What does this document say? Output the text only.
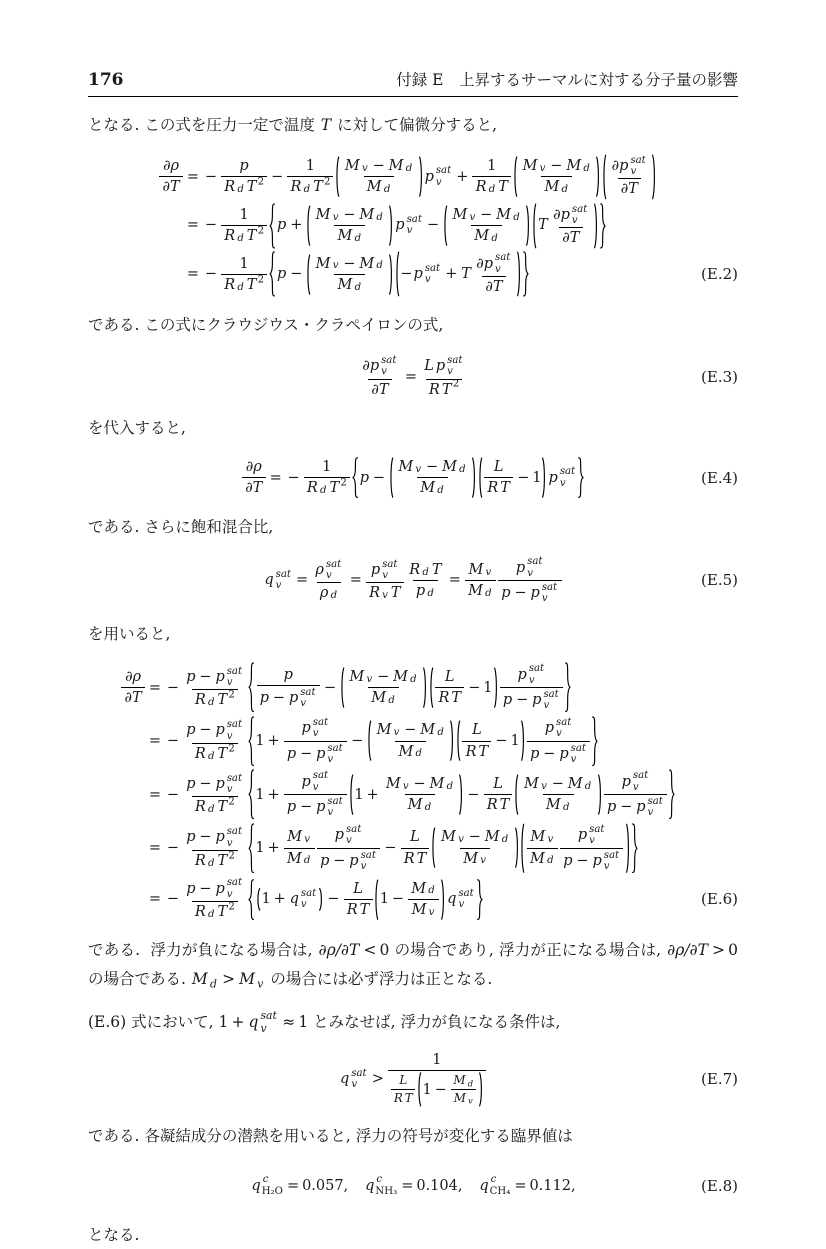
176	付録 E　上昇するサーマルに対する分子量の影響

となる. この式を圧力一定で温度 T に対して偏微分すると,

∂ρ
∂T
= − $\frac{p}{\text{R d T 2}} - \frac{1}{\text{R d T 2}}$ M v − M d
M d
p sat
$v + \frac{1}{\text{R d T}}$ M v − M d
M d
∂p sat
v
∂T
= − $\frac{1}{\text{R d T 2}}$ p +
M v − M d
M d
p sat
v −
M v − M d
M d
T
∂p sat
v
∂T
= − $\frac{1}{\text{R d T 2}}$ p −
M v − M d
M d
− p sat
v + T
∂p sat
v
∂T
(E.2)

である. この式にクラウジウス・クラペイロンの式,

∂p sat
v
∂T
= L p sat
v
R T 2	(E.3)

を代入すると,

∂ρ
∂T
= − $\frac{1}{\text{R d T 2}}$ p −
M v − M d
M d
L
R T
− 1 p sat
v	(E.4)

である. さらに飽和混合比,

q sat
v = ρ sat
v
ρ d = p sat
v
R v T $\frac{\text{R d T}}{\text{p d}}$ =
M v
M d
p sat
v
p − p sat
v
(E.5)

を用いると,

∂ρ
∂T
= −
p − p sat
v
R d T 2 p
p − p sat
v −
M v − M d
M d
L
R T
− 1
p sat
v
p − p sat
v
= −
p − p sat
v
R d T 2 1 +
p sat
v
p − p sat
v
−
M v − M d
M d
L
R T
− 1
p sat
v
p − p sat
v
= −
p − p sat
v
R d T 2 1 +
p sat
v
p − p sat
v
1 +
M v − M d
M d
−
L
R T
M v − M d
M d
p sat
v
p − p sat
v
= −
p − p sat
v
R d T 2 1 +
M v
M d
p sat
v
p − p sat
v
−
L
R T
M v − M d
M v
M v
M d
p sat
v
p − p sat
v
= −
p − p sat
v
R d T 2 1 + q sat
v −
L
R T
1 −
M d
M v
q sat
v	(E.6)

である.  浮力が負になる場合は, ∂ρ/∂T < 0 の場合であり, 浮力が正になる場合は, ∂ρ/∂T > 0 の場合である. M d > M v の場合には必ず浮力は正となる.

(E.6) 式において, 1 + q sat
v ≈ 1 とみなせば, 浮力が負になる条件は,

q sat
v > 1
L
R T
1 −
M d
M v	(E.7)

である. 各凝結成分の潜熱を用いると, 浮力の符号が変化する臨界値は

q c
H₂O = 0.057, q c
NH₃ = 0.104, q c
CH₄ = 0.112,	(E.8)

となる.
